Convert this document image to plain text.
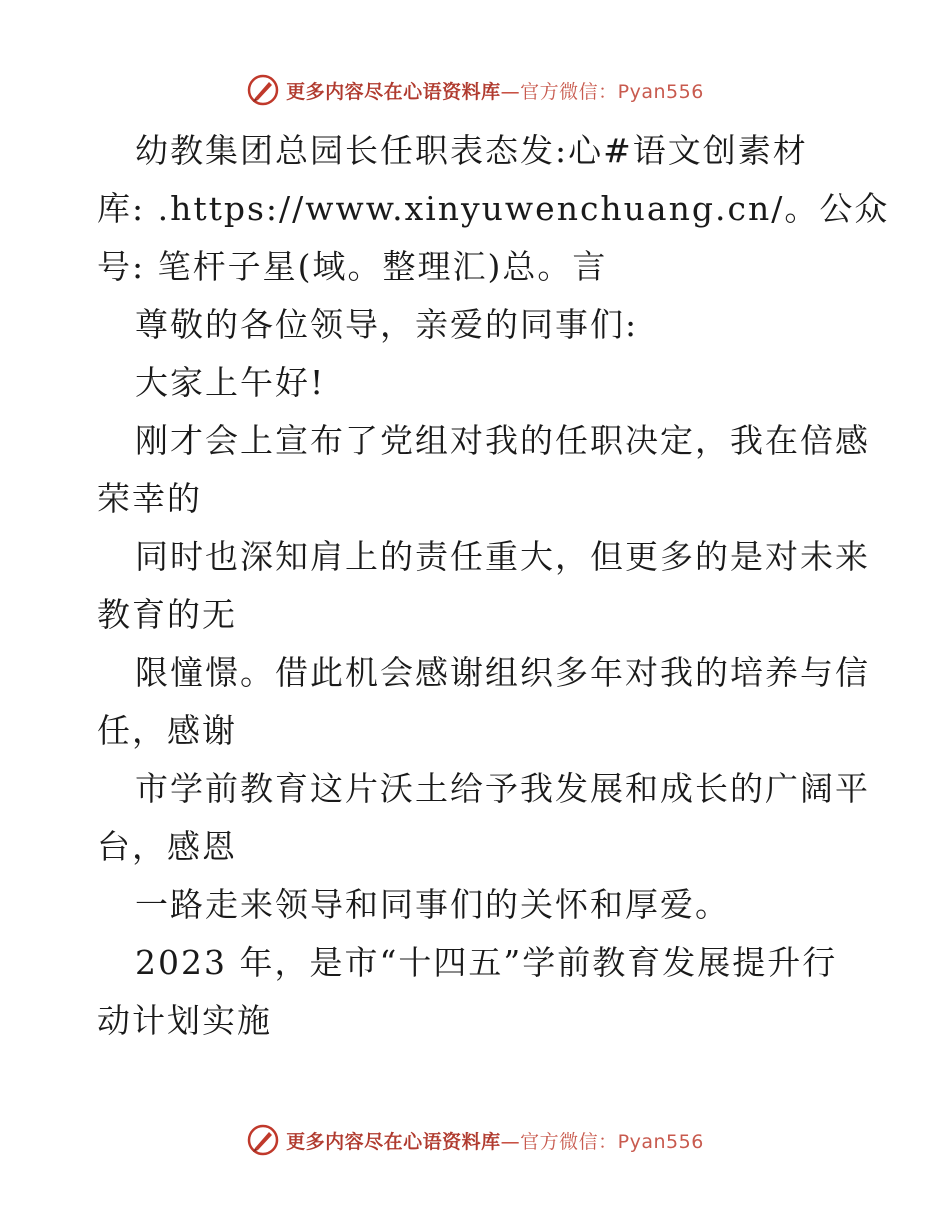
更多内容尽在心语资料库—官方微信：Pyan556
幼教集团总园长任职表态发:心#语文创素材
库: .https://www.xinyuwenchuang.cn/。公众
号: 笔杆子星(域。整理汇)总。言
尊敬的各位领导，亲爱的同事们:
大家上午好!
刚才会上宣布了党组对我的任职决定，我在倍感
荣幸的
同时也深知肩上的责任重大，但更多的是对未来
教育的无
限憧憬。借此机会感谢组织多年对我的培养与信
任，感谢
市学前教育这片沃土给予我发展和成长的广阔平
台，感恩
一路走来领导和同事们的关怀和厚爱。
2023 年，是市“十四五”学前教育发展提升行
动计划实施
更多内容尽在心语资料库—官方微信：Pyan556
